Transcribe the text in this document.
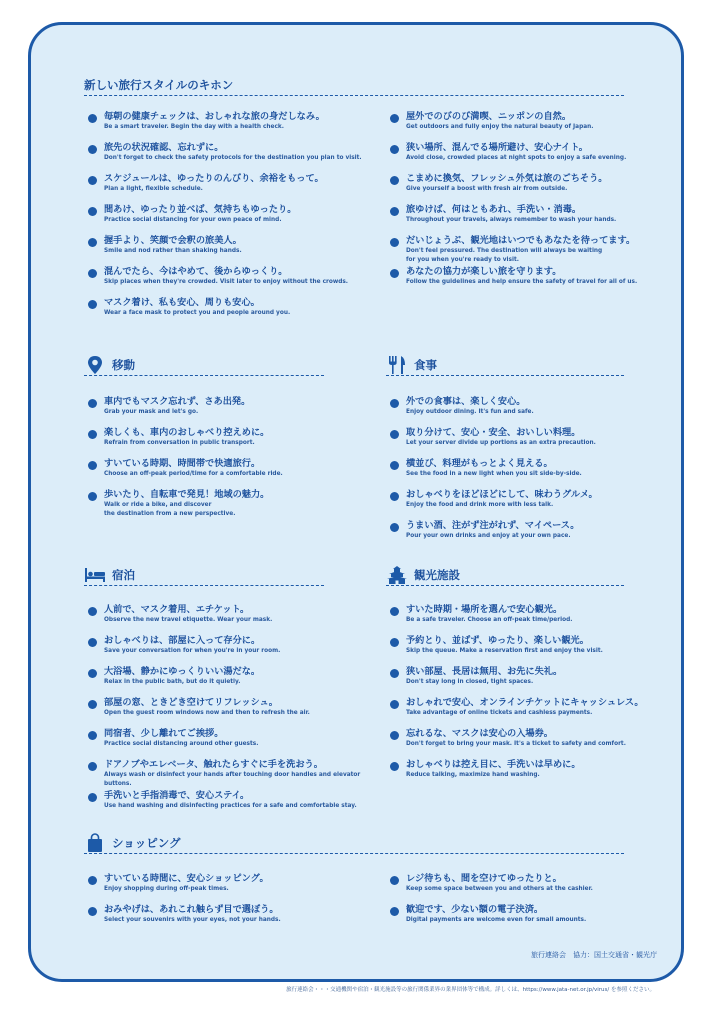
新しい旅行スタイルのキホン
毎朝の健康チェックは、おしゃれな旅の身だしなみ。
Be a smart traveler. Begin the day with a health check.
旅先の状況確認、忘れずに。
Don't forget to check the safety protocols for the destination you plan to visit.
スケジュールは、ゆったりのんびり、余裕をもって。
Plan a light, flexible schedule.
間あけ、ゆったり並べば、気持ちもゆったり。
Practice social distancing for your own peace of mind.
握手より、笑顔で会釈の旅美人。
Smile and nod rather than shaking hands.
混んでたら、今はやめて、後からゆっくり。
Skip places when they're crowded. Visit later to enjoy without the crowds.
マスク着け、私も安心、周りも安心。
Wear a face mask to protect you and people around you.
屋外でのびのび満喫、ニッポンの自然。
Get outdoors and fully enjoy the natural beauty of Japan.
狭い場所、混んでる場所避け、安心ナイト。
Avoid close, crowded places at night spots to enjoy a safe evening.
こまめに換気、フレッシュ外気は旅のごちそう。
Give yourself a boost with fresh air from outside.
旅ゆけば、何はともあれ、手洗い・消毒。
Throughout your travels, always remember to wash your hands.
だいじょうぶ、観光地はいつでもあなたを待ってます。
Don't feel pressured. The destination will always be waiting
for you when you're ready to visit.
あなたの協力が楽しい旅を守ります。
Follow the guidelines and help ensure the safety of travel for all of us.
移動
車内でもマスク忘れず、さあ出発。
Grab your mask and let's go.
楽しくも、車内のおしゃべり控えめに。
Refrain from conversation in public transport.
すいている時期、時間帯で快適旅行。
Choose an off-peak period/time for a comfortable ride.
歩いたり、自転車で発見！地域の魅力。
Walk or ride a bike, and discover
the destination from a new perspective.
食事
外での食事は、楽しく安心。
Enjoy outdoor dining. It's fun and safe.
取り分けて、安心・安全、おいしい料理。
Let your server divide up portions as an extra precaution.
横並び、料理がもっとよく見える。
See the food in a new light when you sit side-by-side.
おしゃべりをほどほどにして、味わうグルメ。
Enjoy the food and drink more with less talk.
うまい酒、注がず注がれず、マイペース。
Pour your own drinks and enjoy at your own pace.
宿泊
人前で、マスク着用、エチケット。
Observe the new travel etiquette. Wear your mask.
おしゃべりは、部屋に入って存分に。
Save your conversation for when you're in your room.
大浴場、静かにゆっくりいい湯だな。
Relax in the public bath, but do it quietly.
部屋の窓、ときどき空けてリフレッシュ。
Open the guest room windows now and then to refresh the air.
同宿者、少し離れてご挨拶。
Practice social distancing around other guests.
ドアノブやエレベータ、触れたらすぐに手を洗おう。
Always wash or disinfect your hands after touching door handles and elevator buttons.
手洗いと手指消毒で、安心ステイ。
Use hand washing and disinfecting practices for a safe and comfortable stay.
観光施設
すいた時期・場所を選んで安心観光。
Be a safe traveler. Choose an off-peak time/period.
予約とり、並ばず、ゆったり、楽しい観光。
Skip the queue. Make a reservation first and enjoy the visit.
狭い部屋、長居は無用、お先に失礼。
Don't stay long in closed, tight spaces.
おしゃれで安心、オンラインチケットにキャッシュレス。
Take advantage of online tickets and cashless payments.
忘れるな、マスクは安心の入場券。
Don't forget to bring your mask. It's a ticket to safety and comfort.
おしゃべりは控え目に、手洗いは早めに。
Reduce talking, maximize hand washing.
ショッピング
すいている時間に、安心ショッピング。
Enjoy shopping during off-peak times.
おみやげは、あれこれ触らず目で選ぼう。
Select your souvenirs with your eyes, not your hands.
レジ待ちも、間を空けてゆったりと。
Keep some space between you and others at the cashier.
歓迎です、少ない額の電子決済。
Digital payments are welcome even for small amounts.
旅行連絡会　協力：国土交通省・観光庁
旅行連絡会・・・交通機関や宿泊・観光施設等の旅行関係業界の業界団体等で構成。詳しくは、https://www.jata-net.or.jp/virus/ を参照ください。
